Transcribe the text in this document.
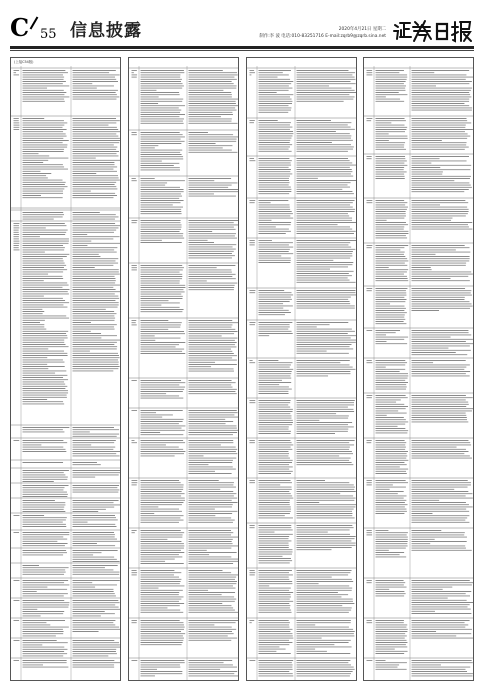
C 55 信息披露	2020年4月21日 星期二
制作:李 波 电话:010-83251716 E-mail:zqrb9@zqrb.sina.net
(上接C54版)
